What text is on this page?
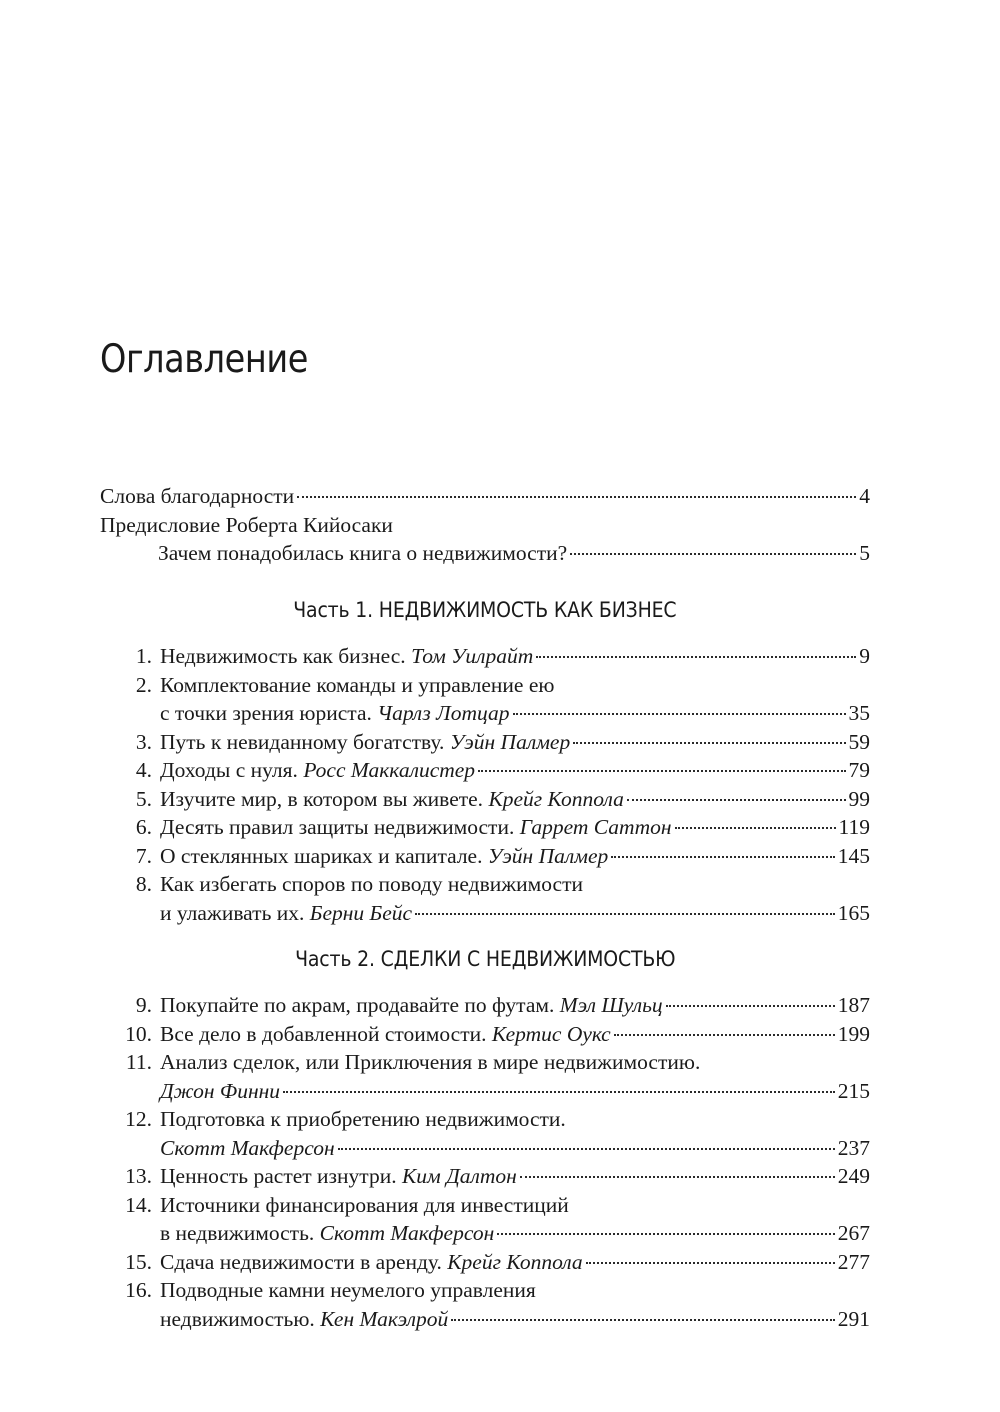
Оглавление
Слова благодарности	4
Предисловие Роберта Кийосаки
Зачем понадобилась книга о недвижимости?	5
Часть 1. НЕДВИЖИМОСТЬ КАК БИЗНЕС
1. Недвижимость как бизнес. Том Уилрайт	9
2. Комплектование команды и управление ею
с точки зрения юриста. Чарлз Лотцар	35
3. Путь к невиданному богатству. Уэйн Палмер	59
4. Доходы с нуля. Росс Маккалистер	79
5. Изучите мир, в котором вы живете. Крейг Коппола	99
6. Десять правил защиты недвижимости. Гаррет Саттон	119
7. О стеклянных шариках и капитале. Уэйн Палмер	145
8. Как избегать споров по поводу недвижимости
и улаживать их. Берни Бейс	165
Часть 2. СДЕЛКИ С НЕДВИЖИМОСТЬЮ
9. Покупайте по акрам, продавайте по футам. Мэл Шульц	187
10. Все дело в добавленной стоимости. Кертис Оукс	199
11. Анализ сделок, или Приключения в мире недвижимостию.
Джон Финни	215
12. Подготовка к приобретению недвижимости.
Скотт Макферсон	237
13. Ценность растет изнутри. Ким Далтон	249
14. Источники финансирования для инвестиций
в недвижимость. Скотт Макферсон	267
15. Сдача недвижимости в аренду. Крейг Коппола	277
16. Подводные камни неумелого управления
недвижимостью. Кен Макэлрой	291
